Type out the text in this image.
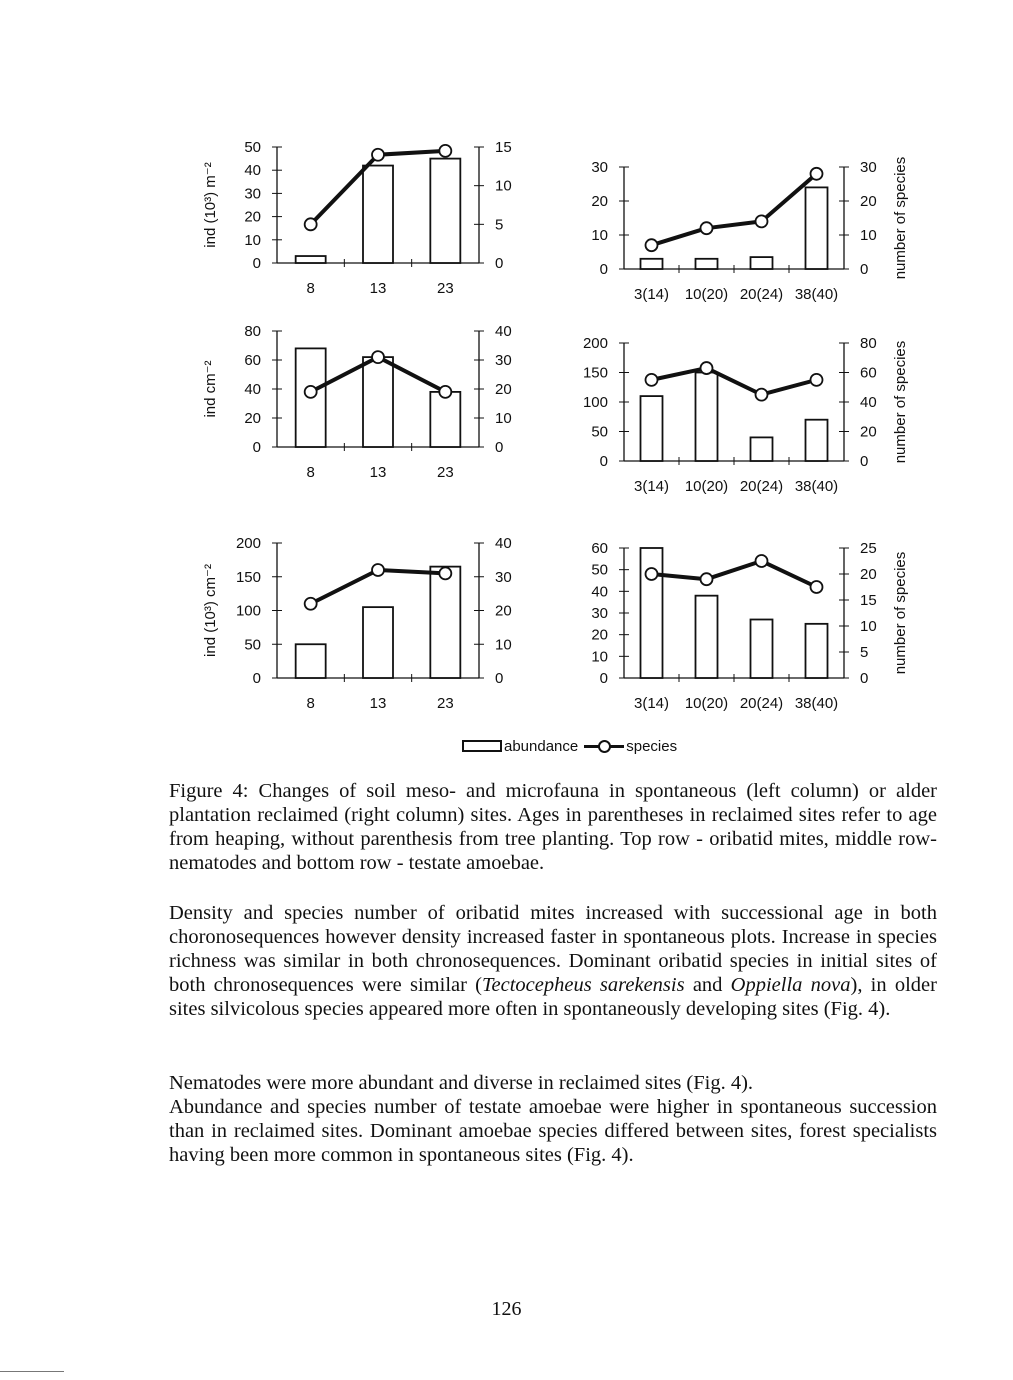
0
10
20
30
40
50
0
5
10
15
8	13	23
ind (10³) m⁻²
0
10
20
30
0
10
20
30
3(14) 10(20) 20(24) 38(40)
number of species
0
20
40
60
80
0
10
20
30
40
8	13	23
ind cm⁻²
0
50
100
150
200
0
20
40
60
80
3(14) 10(20) 20(24) 38(40)
number of species
0
50
100
150
200
0
10
20
30
40
8	13	23
ind (10³) cm⁻²
0
10
20
30
40
50
60
0
5
10
15
20
25
3(14) 10(20) 20(24) 38(40)
number of species
abundance	species

Figure 4: Changes of soil meso- and microfauna in spontaneous (left column) or alder plantation reclaimed (right column) sites. Ages in parentheses in reclaimed sites refer to age from heaping, without parenthesis from tree planting. Top row - oribatid mites, middle row- nematodes and bottom row - testate amoebae.

Density and species number of oribatid mites increased with successional age in both choronosequences however density increased faster in spontaneous plots. Increase in species richness was similar in both chronosequences. Dominant oribatid species in initial sites of both chronosequences were similar (Tectocepheus sarekensis and Oppiella nova), in older sites silvicolous species appeared more often in spontaneously developing sites (Fig. 4).

Nematodes were more abundant and diverse in reclaimed sites (Fig. 4).

Abundance and species number of testate amoebae were higher in spontaneous succession than in reclaimed sites. Dominant amoebae species differed between sites, forest specialists having been more common in spontaneous sites (Fig. 4).

126
